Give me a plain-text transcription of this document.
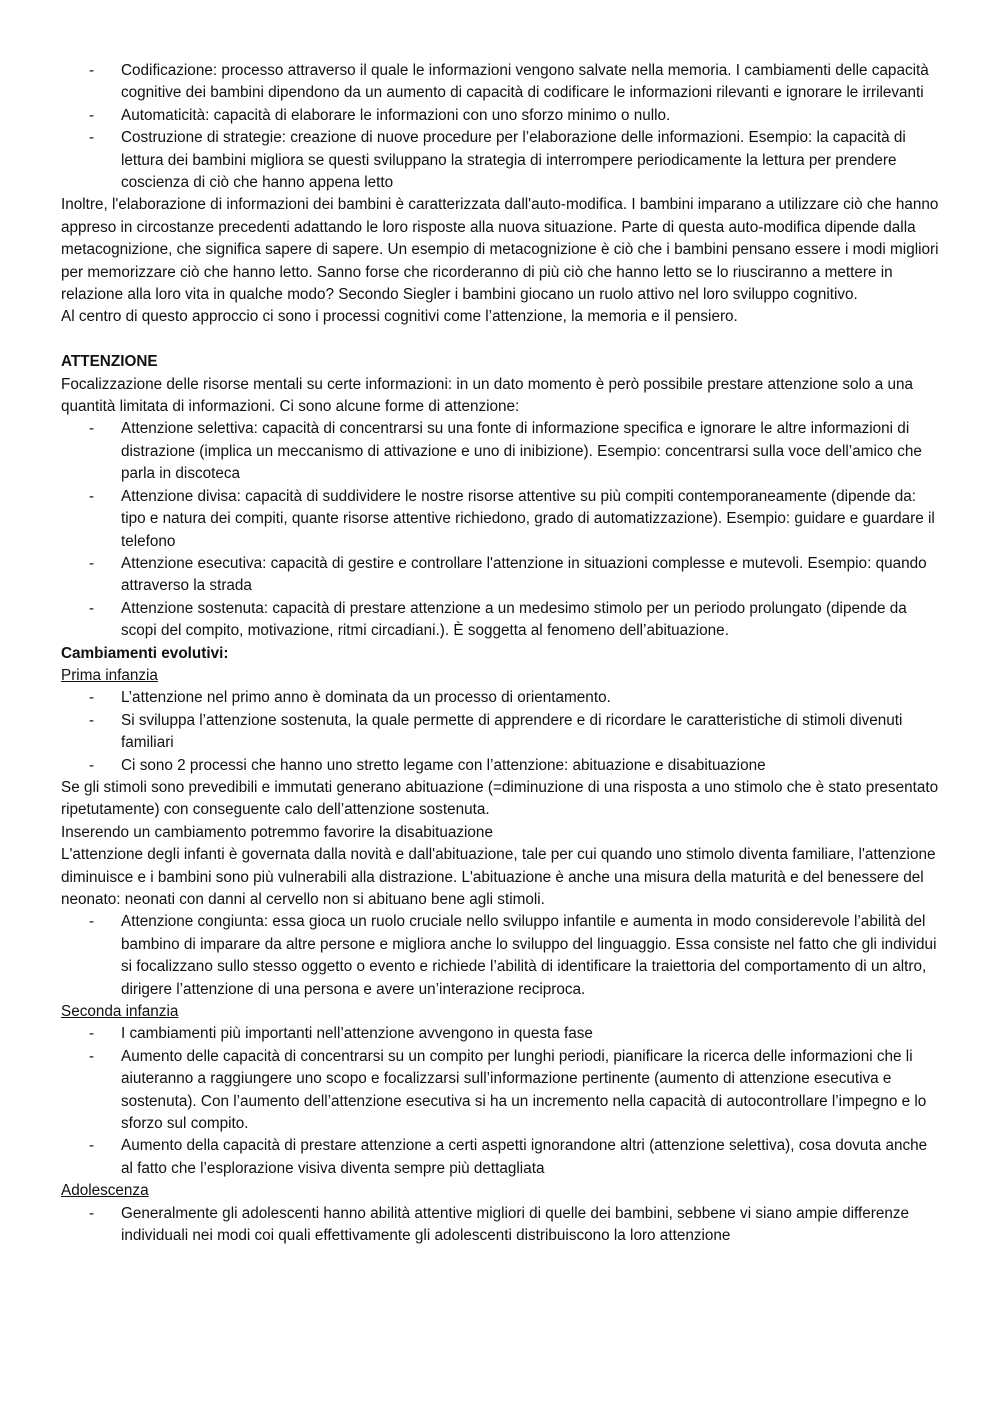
- Codificazione: processo attraverso il quale le informazioni vengono salvate nella memoria. I cambiamenti delle capacità cognitive dei bambini dipendono da un aumento di capacità di codificare le informazioni rilevanti e ignorare le irrilevanti
- Automaticità: capacità di elaborare le informazioni con uno sforzo minimo o nullo.
- Costruzione di strategie: creazione di nuove procedure per l’elaborazione delle informazioni. Esempio: la capacità di lettura dei bambini migliora se questi sviluppano la strategia di interrompere periodicamente la lettura per prendere coscienza di ciò che hanno appena letto

Inoltre, l'elaborazione di informazioni dei bambini è caratterizzata dall'auto-modifica. I bambini imparano a utilizzare ciò che hanno appreso in circostanze precedenti adattando le loro risposte alla nuova situazione. Parte di questa auto-modifica dipende dalla metacognizione, che significa sapere di sapere. Un esempio di metacognizione è ciò che i bambini pensano essere i modi migliori per memorizzare ciò che hanno letto. Sanno forse che ricorderanno di più ciò che hanno letto se lo riusciranno a mettere in relazione alla loro vita in qualche modo? Secondo Siegler i bambini giocano un ruolo attivo nel loro sviluppo cognitivo.

Al centro di questo approccio ci sono i processi cognitivi come l’attenzione, la memoria e il pensiero.

ATTENZIONE

Focalizzazione delle risorse mentali su certe informazioni: in un dato momento è però possibile prestare attenzione solo a una quantità limitata di informazioni. Ci sono alcune forme di attenzione:

- Attenzione selettiva: capacità di concentrarsi su una fonte di informazione specifica e ignorare le altre informazioni di distrazione (implica un meccanismo di attivazione e uno di inibizione). Esempio: concentrarsi sulla voce dell’amico che parla in discoteca
- Attenzione divisa: capacità di suddividere le nostre risorse attentive su più compiti contemporaneamente (dipende da: tipo e natura dei compiti, quante risorse attentive richiedono, grado di automatizzazione). Esempio: guidare e guardare il telefono
- Attenzione esecutiva: capacità di gestire e controllare l'attenzione in situazioni complesse e mutevoli. Esempio: quando attraverso la strada
- Attenzione sostenuta: capacità di prestare attenzione a un medesimo stimolo per un periodo prolungato (dipende da scopi del compito, motivazione, ritmi circadiani.). È soggetta al fenomeno dell’abituazione.

Cambiamenti evolutivi:

Prima infanzia

- L’attenzione nel primo anno è dominata da un processo di orientamento.
- Si sviluppa l’attenzione sostenuta, la quale permette di apprendere e di ricordare le caratteristiche di stimoli divenuti familiari
- Ci sono 2 processi che hanno uno stretto legame con l’attenzione: abituazione e disabituazione

Se gli stimoli sono prevedibili e immutati generano abituazione (=diminuzione di una risposta a uno stimolo che è stato presentato ripetutamente) con conseguente calo dell’attenzione sostenuta.

Inserendo un cambiamento potremmo favorire la disabituazione

L'attenzione degli infanti è governata dalla novità e dall'abituazione, tale per cui quando uno stimolo diventa familiare, l'attenzione diminuisce e i bambini sono più vulnerabili alla distrazione. L'abituazione è anche una misura della maturità e del benessere del neonato: neonati con danni al cervello non si abituano bene agli stimoli.

- Attenzione congiunta: essa gioca un ruolo cruciale nello sviluppo infantile e aumenta in modo considerevole l’abilità del bambino di imparare da altre persone e migliora anche lo sviluppo del linguaggio. Essa consiste nel fatto che gli individui si focalizzano sullo stesso oggetto o evento e richiede l’abilità di identificare la traiettoria del comportamento di un altro, dirigere l’attenzione di una persona e avere un’interazione reciproca.

Seconda infanzia

- I cambiamenti più importanti nell’attenzione avvengono in questa fase
- Aumento delle capacità di concentrarsi su un compito per lunghi periodi, pianificare la ricerca delle informazioni che li aiuteranno a raggiungere uno scopo e focalizzarsi sull’informazione pertinente (aumento di attenzione esecutiva e sostenuta). Con l’aumento dell’attenzione esecutiva si ha un incremento nella capacità di autocontrollare l’impegno e lo sforzo sul compito.
- Aumento della capacità di prestare attenzione a certi aspetti ignorandone altri (attenzione selettiva), cosa dovuta anche al fatto che l’esplorazione visiva diventa sempre più dettagliata

Adolescenza

- Generalmente gli adolescenti hanno abilità attentive migliori di quelle dei bambini, sebbene vi siano ampie differenze individuali nei modi coi quali effettivamente gli adolescenti distribuiscono la loro attenzione
